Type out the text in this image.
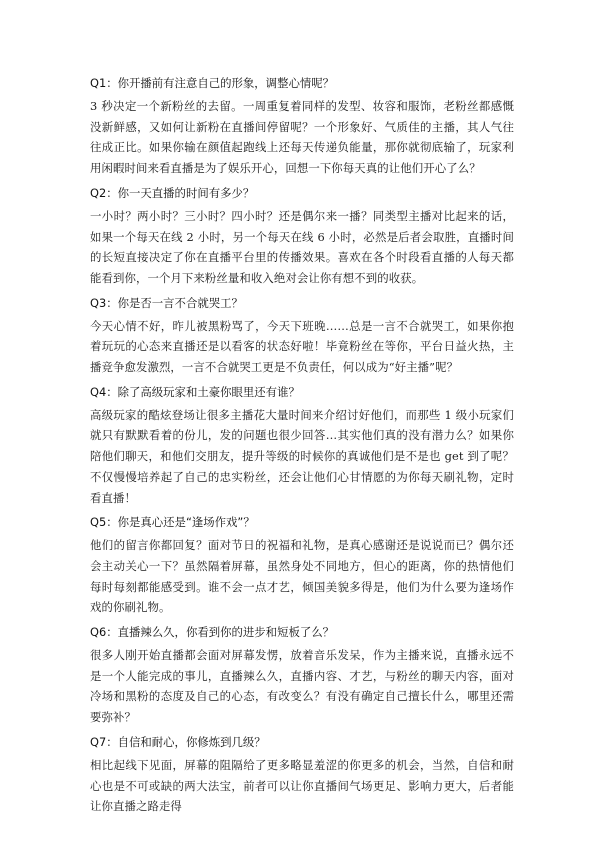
Q1：你开播前有注意自己的形象，调整心情呢？

3 秒决定一个新粉丝的去留。一周重复着同样的发型、妆容和服饰，老粉丝都感慨没新鲜感，又如何让新粉在直播间停留呢？一个形象好、气质佳的主播，其人气往往成正比。如果你输在颜值起跑线上还每天传递负能量，那你就彻底输了，玩家利用闲暇时间来看直播是为了娱乐开心，回想一下你每天真的让他们开心了么？

Q2：你一天直播的时间有多少？

一小时？两小时？三小时？四小时？还是偶尔来一播？同类型主播对比起来的话，如果一个每天在线 2 小时，另一个每天在线 6 小时，必然是后者会取胜，直播时间的长短直接决定了你在直播平台里的传播效果。喜欢在各个时段看直播的人每天都能看到你，一个月下来粉丝量和收入绝对会让你有想不到的收获。

Q3：你是否一言不合就哭工？

今天心情不好，昨儿被黑粉骂了，今天下班晚……总是一言不合就哭工，如果你抱着玩玩的心态来直播还是以看客的状态好啦！毕竟粉丝在等你，平台日益火热，主播竞争愈发激烈，一言不合就哭工更是不负责任，何以成为“好主播”呢？

Q4：除了高级玩家和土豪你眼里还有谁？

高级玩家的酷炫登场让很多主播花大量时间来介绍讨好他们，而那些 1 级小玩家们就只有默默看着的份儿，发的问题也很少回答…其实他们真的没有潜力么？如果你陪他们聊天，和他们交朋友，提升等级的时候你的真诚他们是不是也 get 到了呢？不仅慢慢培养起了自己的忠实粉丝，还会让他们心甘情愿的为你每天刷礼物，定时看直播！

Q5：你是真心还是“逢场作戏”？

他们的留言你都回复？面对节日的祝福和礼物，是真心感谢还是说说而已？偶尔还会主动关心一下？虽然隔着屏幕，虽然身处不同地方，但心的距离，你的热情他们每时每刻都能感受到。谁不会一点才艺，倾国美貌多得是，他们为什么要为逢场作戏的你刷礼物。

Q6：直播辣么久，你看到你的进步和短板了么？

很多人刚开始直播都会面对屏幕发愣，放着音乐发呆，作为主播来说，直播永远不是一个人能完成的事儿，直播辣么久，直播内容、才艺，与粉丝的聊天内容，面对冷场和黑粉的态度及自己的心态，有改变么？有没有确定自己擅长什么，哪里还需要弥补？

Q7：自信和耐心，你修炼到几级？

相比起线下见面，屏幕的阻隔给了更多略显羞涩的你更多的机会，当然，自信和耐心也是不可或缺的两大法宝，前者可以让你直播间气场更足、影响力更大，后者能让你直播之路走得
